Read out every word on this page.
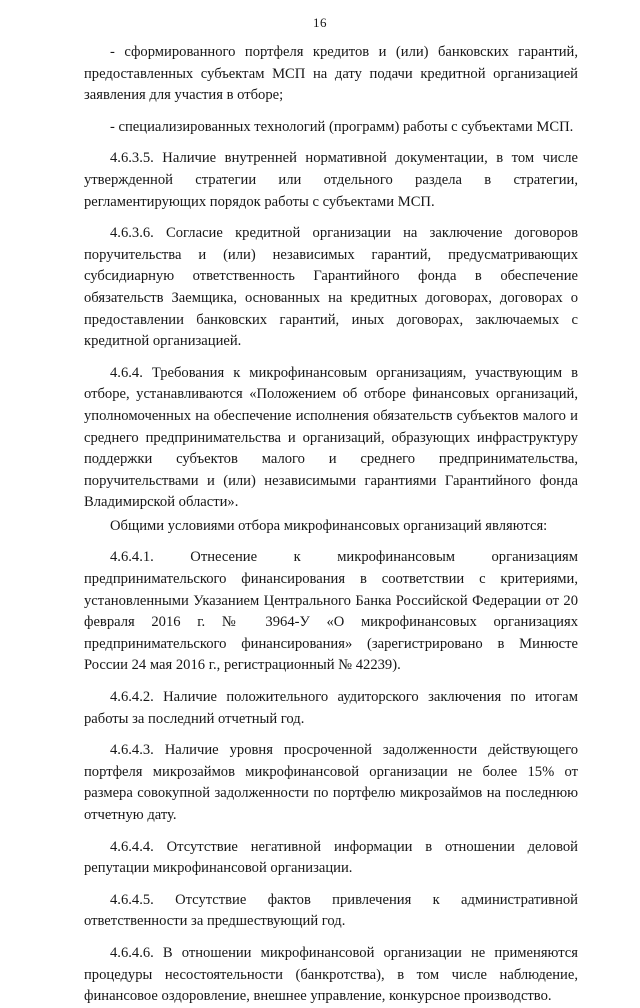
16

- сформированного портфеля кредитов и (или) банковских гарантий, предоставленных субъектам МСП на дату подачи кредитной организацией заявления для участия в отборе;

- специализированных технологий (программ) работы с субъектами МСП.

4.6.3.5. Наличие внутренней нормативной документации, в том числе утвержденной стратегии или отдельного раздела в стратегии, регламентирующих порядок работы с субъектами МСП.

4.6.3.6. Согласие кредитной организации на заключение договоров поручительства и (или) независимых гарантий, предусматривающих субсидиарную ответственность Гарантийного фонда в обеспечение обязательств Заемщика, основанных на кредитных договорах, договорах о предоставлении банковских гарантий, иных договорах, заключаемых с кредитной организацией.

4.6.4. Требования к микрофинансовым организациям, участвующим в отборе, устанавливаются «Положением об отборе финансовых организаций, уполномоченных на обеспечение исполнения обязательств субъектов малого и среднего предпринимательства и организаций, образующих инфраструктуру поддержки субъектов малого и среднего предпринимательства, поручительствами и (или) независимыми гарантиями Гарантийного фонда Владимирской области».

Общими условиями отбора микрофинансовых организаций являются:

4.6.4.1. Отнесение к микрофинансовым организациям предпринимательского финансирования в соответствии с критериями, установленными Указанием Центрального Банка Российской Федерации от 20 февраля 2016 г. № 3964-У «О микрофинансовых организациях предпринимательского финансирования» (зарегистрировано в Минюсте России 24 мая 2016 г., регистрационный № 42239).

4.6.4.2. Наличие положительного аудиторского заключения по итогам работы за последний отчетный год.

4.6.4.3. Наличие уровня просроченной задолженности действующего портфеля микрозаймов микрофинансовой организации не более 15% от размера совокупной задолженности по портфелю микрозаймов на последнюю отчетную дату.

4.6.4.4. Отсутствие негативной информации в отношении деловой репутации микрофинансовой организации.

4.6.4.5. Отсутствие фактов привлечения к административной ответственности за предшествующий год.

4.6.4.6. В отношении микрофинансовой организации не применяются процедуры несостоятельности (банкротства), в том числе наблюдение, финансовое оздоровление, внешнее управление, конкурсное производство.
